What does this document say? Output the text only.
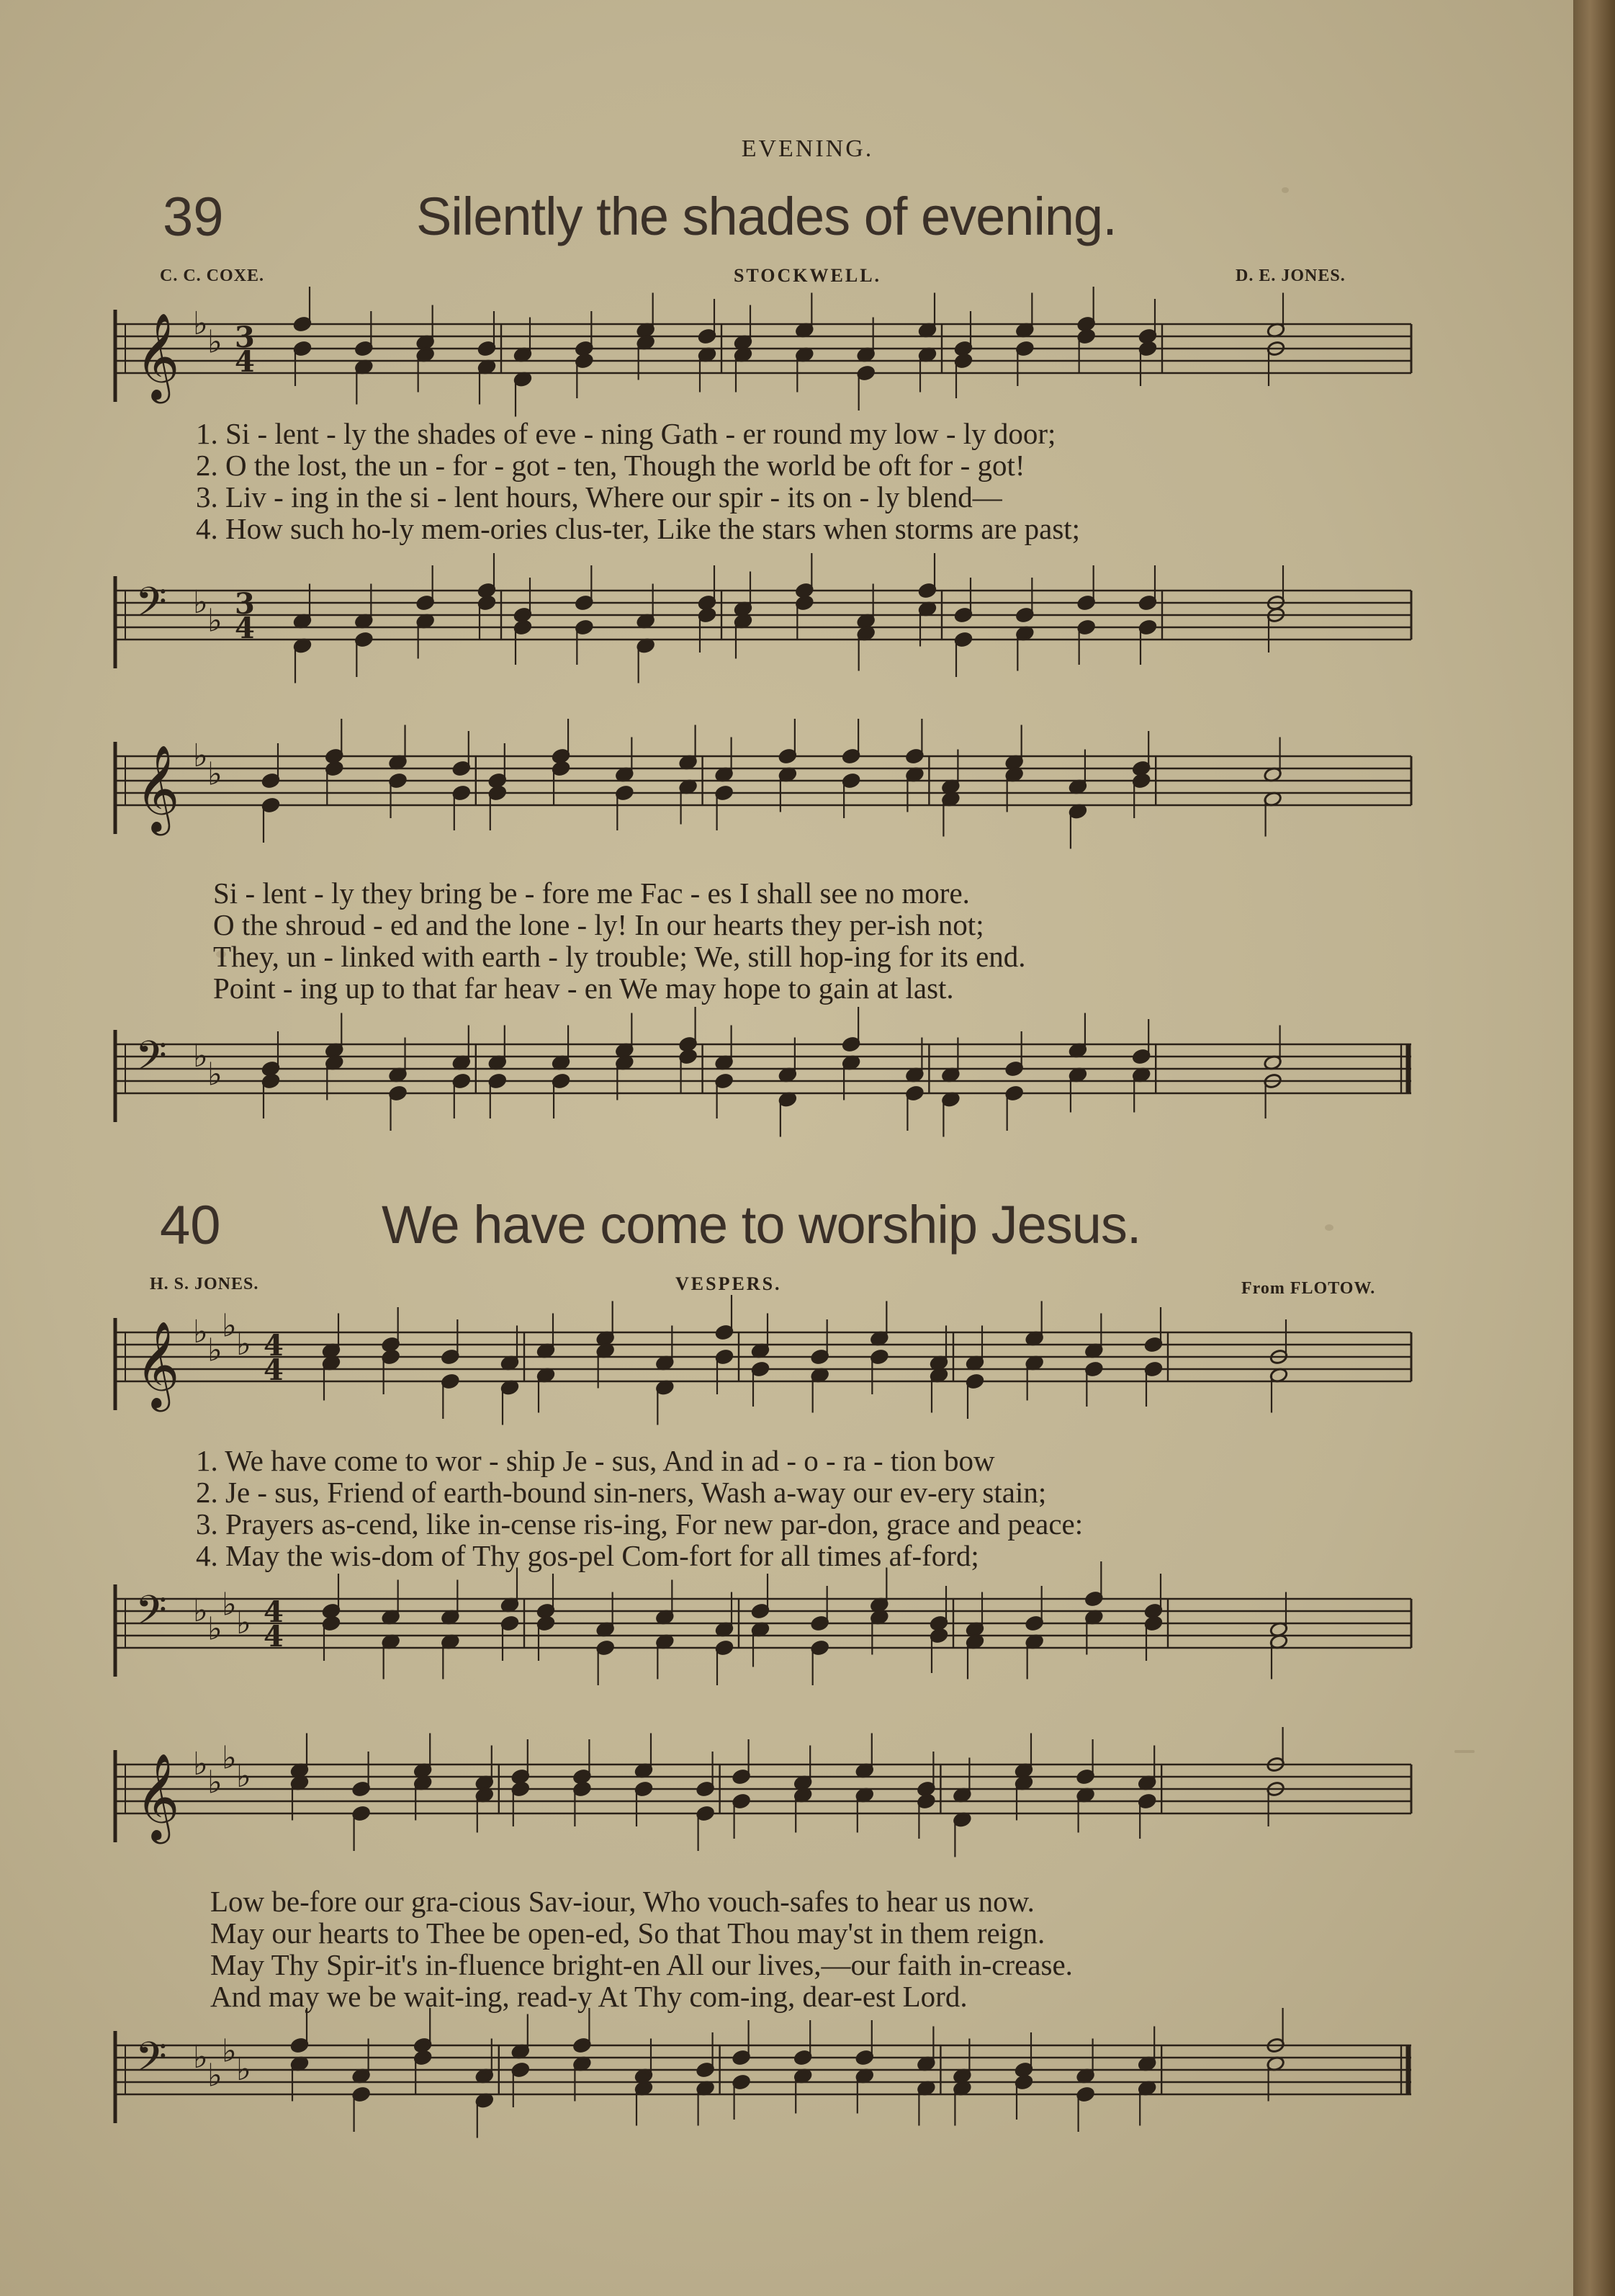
EVENING.
39	Silently the shades of evening.
C. C. COXE.	STOCKWELL.	D. E. JONES.
𝄞 ♭ ♭ 3
4
1. Si - lent - ly the shades of eve - ning Gath - er round my low - ly door;
2. O the lost, the un - for - got - ten, Though the world be oft for - got!
3. Liv - ing in the si - lent hours, Where our spir - its on - ly blend—
4. How such ho-ly mem-ories clus-ter, Like the stars when storms are past;
𝄢 ♭ ♭ 3
4
𝄞 ♭ ♭
Si - lent - ly they bring be - fore me Fac - es I shall see no more.
O the shroud - ed and the lone - ly! In our hearts they per-ish not;
They, un - linked with earth - ly trouble; We, still hop-ing for its end.
Point - ing up to that far heav - en We may hope to gain at last.
𝄢 ♭ ♭
40	We have come to worship Jesus.
H. S. JONES.	VESPERS.	From FLOTOW.
𝄞 ♭ ♭
♭ ♭ 4
4
1. We have come to wor - ship Je - sus, And in ad - o - ra - tion bow
2. Je - sus, Friend of earth-bound sin-ners, Wash a-way our ev-ery stain;
3. Prayers as-cend, like in-cense ris-ing, For new par-don, grace and peace:
4. May the wis-dom of Thy gos-pel Com-fort for all times af-ford;
𝄢 ♭ ♭
♭ ♭ 4
4
𝄞 ♭ ♭
♭ ♭
Low be-fore our gra-cious Sav-iour, Who vouch-safes to hear us now.
May our hearts to Thee be open-ed, So that Thou may'st in them reign.
May Thy Spir-it's in-fluence bright-en All our lives,—our faith in-crease.
And may we be wait-ing, read-y At Thy com-ing, dear-est Lord.
𝄢 ♭ ♭
♭ ♭
